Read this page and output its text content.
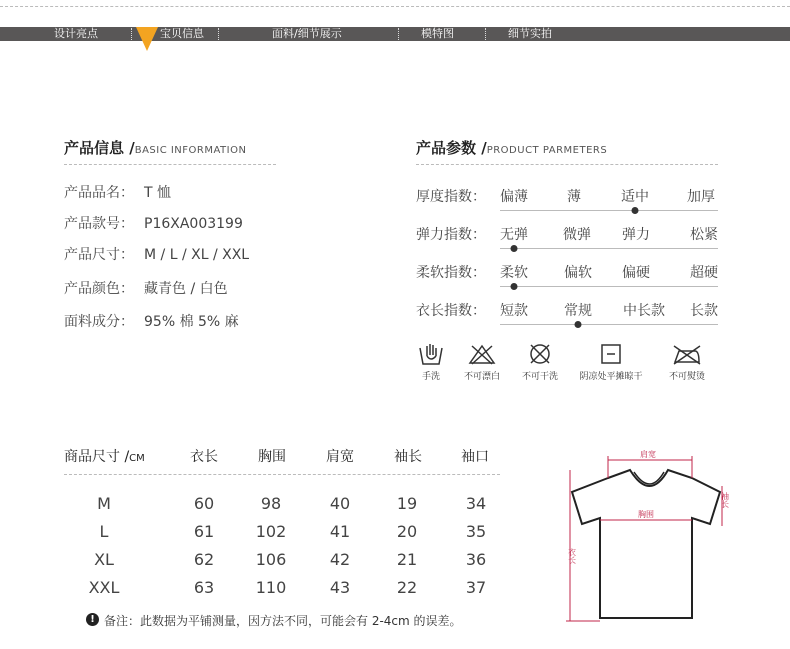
设计亮点	宝贝信息	面料/细节展示	模特图	细节实拍
产品信息 /BASIC INFORMATION
产品品名： T 恤
产品款号： P16XA003199
产品尺寸： M / L / XL / XXL
产品颜色： 藏青色 / 白色
面料成分： 95% 棉 5% 麻
产品参数 /PRODUCT PARMETERS
厚度指数： 偏薄	薄	适中	加厚
弹力指数： 无弹	微弹 弹力	松紧
柔软指数： 柔软	偏软 偏硬	超硬
衣长指数： 短款	常规 中长款 长款
手洗	不可漂白	不可干洗	阴凉处平摊晾干	不可熨烫
商品尺寸 /CM	衣长	胸围	肩宽	袖长	袖口
M	60	98	40	19	34
L	61	102	41	20	35
XL	62	106	42	21	36
XXL	63	110	43	22	37
! 备注：此数据为平铺测量，因方法不同，可能会有 2-4cm 的误差。
肩宽
胸围
衣长
袖长
